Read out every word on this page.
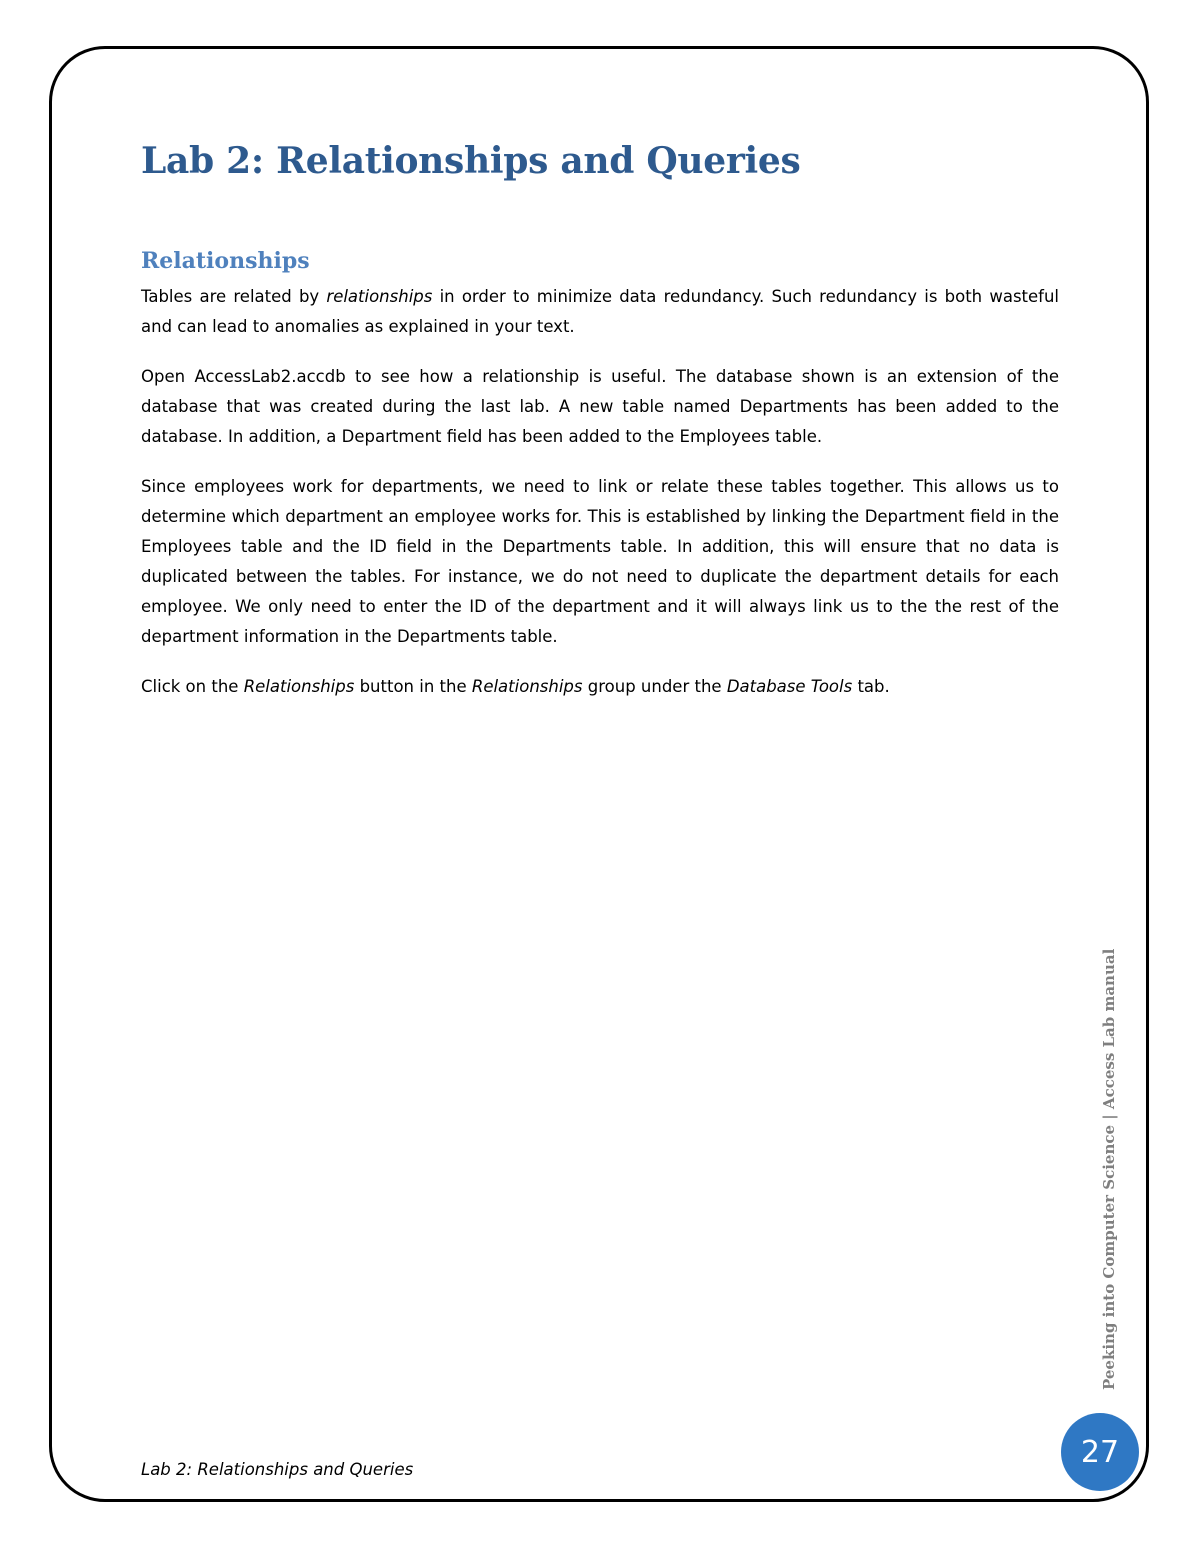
Lab 2: Relationships and Queries
Relationships

Tables are related by relationships in order to minimize data redundancy. Such redundancy is both wasteful and can lead to anomalies as explained in your text.

Open AccessLab2.accdb to see how a relationship is useful. The database shown is an extension of the database that was created during the last lab. A new table named Departments has been added to the database. In addition, a Department field has been added to the Employees table.

Since employees work for departments, we need to link or relate these tables together. This allows us to determine which department an employee works for. This is established by linking the Department field in the Employees table and the ID field in the Departments table. In addition, this will ensure that no data is duplicated between the tables. For instance, we do not need to duplicate the department details for each employee. We only need to enter the ID of the department and it will always link us to the the rest of the department information in the Departments table.

Click on the Relationships button in the Relationships group under the Database Tools tab.

Lab 2: Relationships and Queries
Peeking into Computer Science | Access Lab manual
27
